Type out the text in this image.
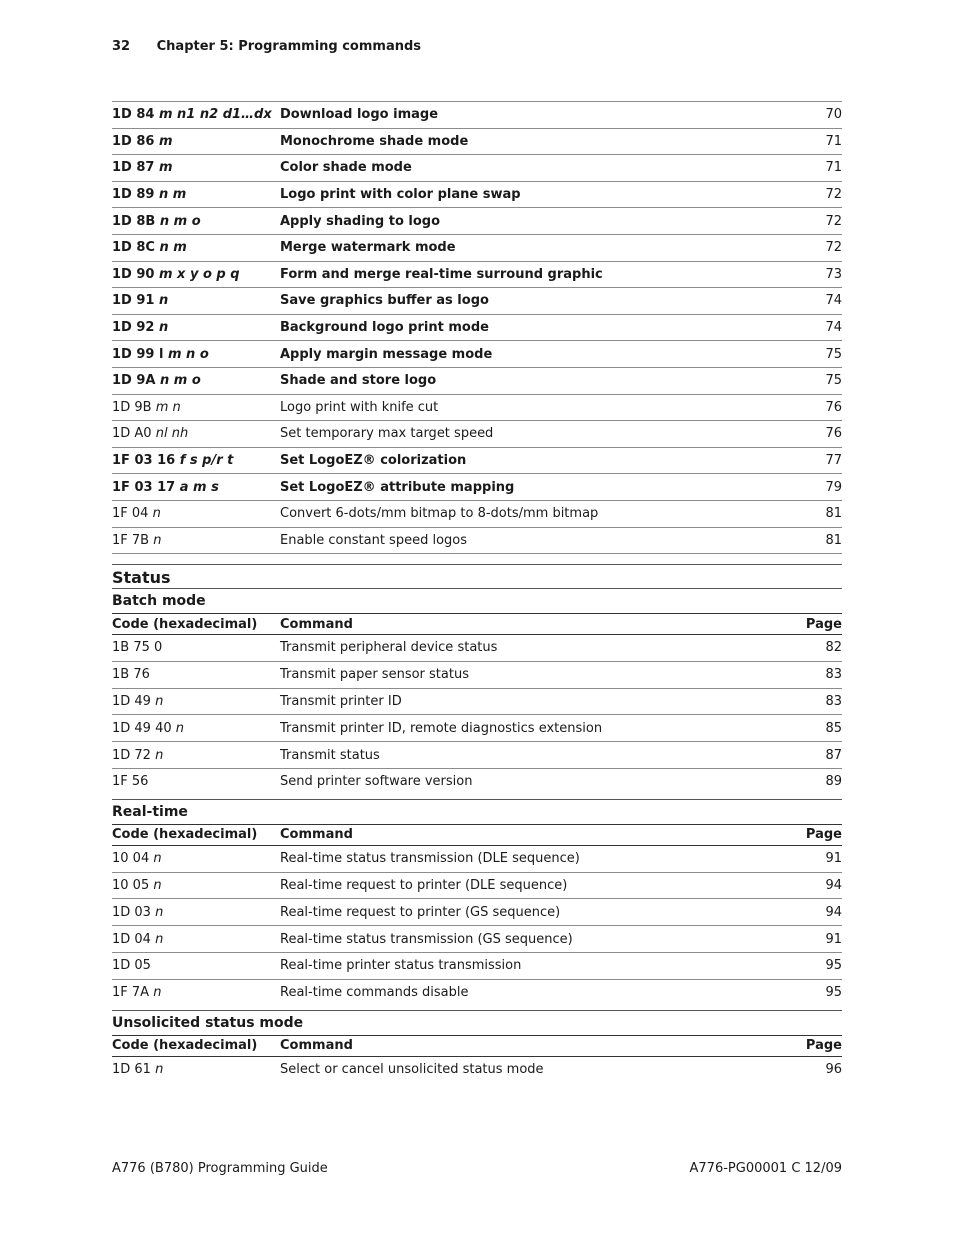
32 Chapter 5: Programming commands
1D 84 m n1 n2 d1…dx	Download logo image	70
1D 86 m	Monochrome shade mode	71
1D 87 m	Color shade mode	71
1D 89 n m	Logo print with color plane swap	72
1D 8B n m o	Apply shading to logo	72
1D 8C n m	Merge watermark mode	72
1D 90 m x y o p q	Form and merge real-time surround graphic	73
1D 91 n	Save graphics buffer as logo	74
1D 92 n	Background logo print mode	74
1D 99 l m n o	Apply margin message mode	75
1D 9A n m o	Shade and store logo	75
1D 9B m n	Logo print with knife cut	76
1D A0 nl nh	Set temporary max target speed	76
1F 03 16 f s p/r t	Set LogoEZ® colorization	77
1F 03 17 a m s	Set LogoEZ® attribute mapping	79
1F 04 n	Convert 6-dots/mm bitmap to 8-dots/mm bitmap	81
1F 7B n	Enable constant speed logos	81
Status
Batch mode
Code (hexadecimal)	Command	Page
1B 75 0	Transmit peripheral device status	82
1B 76	Transmit paper sensor status	83
1D 49 n	Transmit printer ID	83
1D 49 40 n	Transmit printer ID, remote diagnostics extension	85
1D 72 n	Transmit status	87
1F 56	Send printer software version	89
Real-time
Code (hexadecimal)	Command	Page
10 04 n	Real-time status transmission (DLE sequence)	91
10 05 n	Real-time request to printer (DLE sequence)	94
1D 03 n	Real-time request to printer (GS sequence)	94
1D 04 n	Real-time status transmission (GS sequence)	91
1D 05	Real-time printer status transmission	95
1F 7A n	Real-time commands disable	95
Unsolicited status mode
Code (hexadecimal)	Command	Page
1D 61 n	Select or cancel unsolicited status mode	96
A776 (B780) Programming Guide	A776-PG00001 C 12/09
